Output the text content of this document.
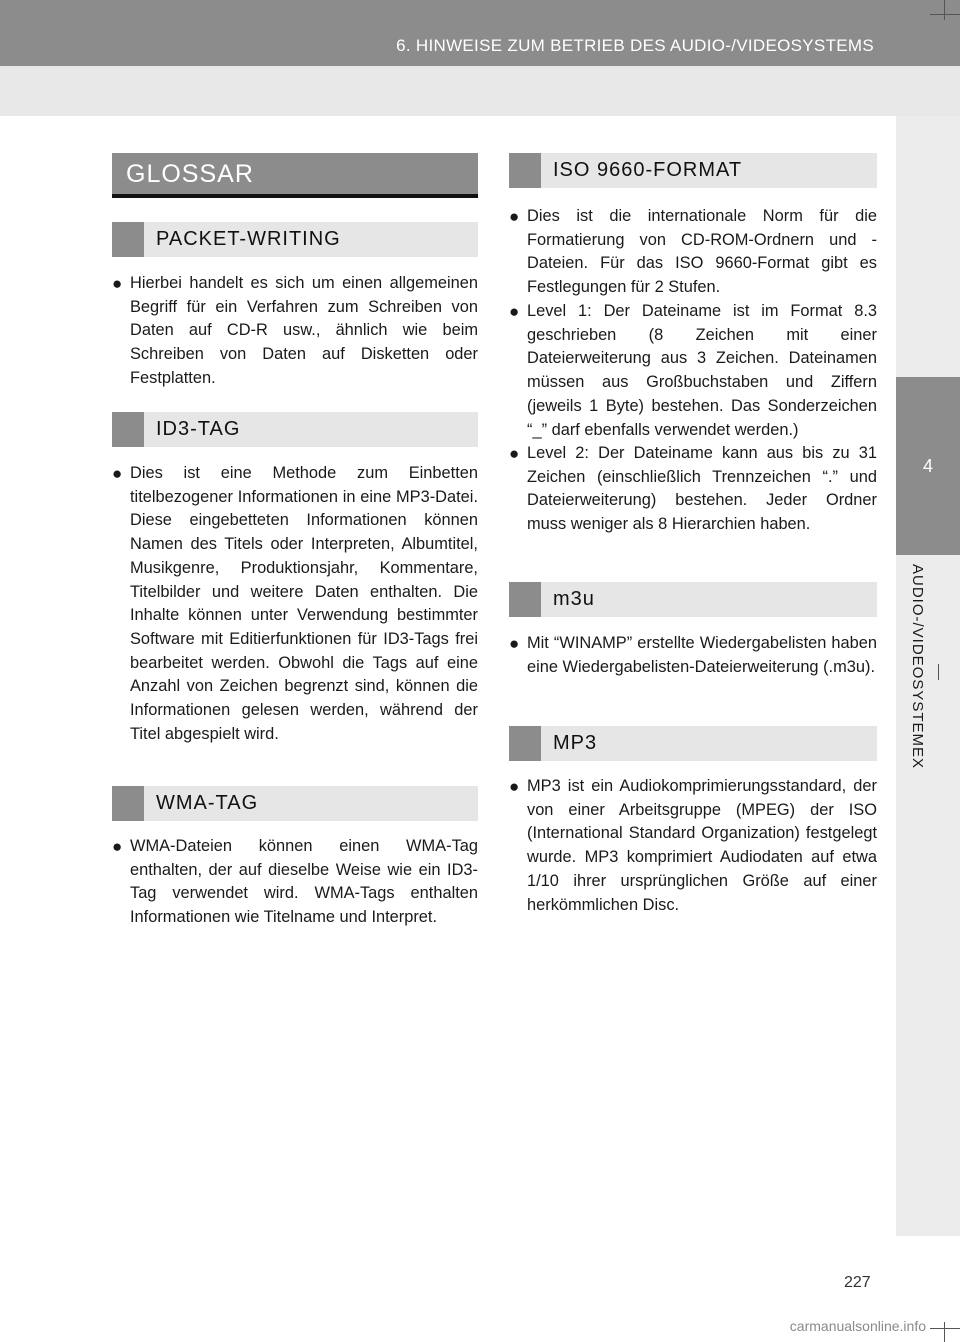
6. HINWEISE ZUM BETRIEB DES AUDIO-/VIDEOSYSTEMS
4
AUDIO-/VIDEOSYSTEMEX
GLOSSAR
PACKET-WRITING
● Hierbei handelt es sich um einen allgemeinen Begriff für ein Verfahren zum Schreiben von Daten auf CD-R usw., ähnlich wie beim Schreiben von Daten auf Disketten oder Festplatten.
ID3-TAG
● Dies ist eine Methode zum Einbetten titelbezogener Informationen in eine MP3-Datei. Diese eingebetteten Informationen können Namen des Titels oder Interpreten, Albumtitel, Musikgenre, Produktionsjahr, Kommentare, Titelbilder und weitere Daten enthalten. Die Inhalte können unter Verwendung bestimmter Software mit Editierfunktionen für ID3-Tags frei bearbeitet werden. Obwohl die Tags auf eine Anzahl von Zeichen begrenzt sind, können die Informationen gelesen werden, während der Titel abgespielt wird.
WMA-TAG
● WMA-Dateien können einen WMA-Tag enthalten, der auf dieselbe Weise wie ein ID3-Tag verwendet wird. WMA-Tags enthalten Informationen wie Titelname und Interpret.
ISO 9660-FORMAT
● Dies ist die internationale Norm für die Formatierung von CD-ROM-Ordnern und -Dateien. Für das ISO 9660-Format gibt es Festlegungen für 2 Stufen.
● Level 1: Der Dateiname ist im Format 8.3 geschrieben (8 Zeichen mit einer Dateierweiterung aus 3 Zeichen. Dateinamen müssen aus Großbuchstaben und Ziffern (jeweils 1 Byte) bestehen. Das Sonderzeichen “_” darf ebenfalls verwendet werden.)
● Level 2: Der Dateiname kann aus bis zu 31 Zeichen (einschließlich Trennzeichen “.” und Dateierweiterung) bestehen. Jeder Ordner muss weniger als 8 Hierarchien haben.
m3u
● Mit “WINAMP” erstellte Wiedergabelisten haben eine Wiedergabelisten-Dateierweiterung (.m3u).
MP3
● MP3 ist ein Audiokomprimierungsstandard, der von einer Arbeitsgruppe (MPEG) der ISO (International Standard Organization) festgelegt wurde. MP3 komprimiert Audiodaten auf etwa 1/10 ihrer ursprünglichen Größe auf einer herkömmlichen Disc.
227
carmanualsonline.info
